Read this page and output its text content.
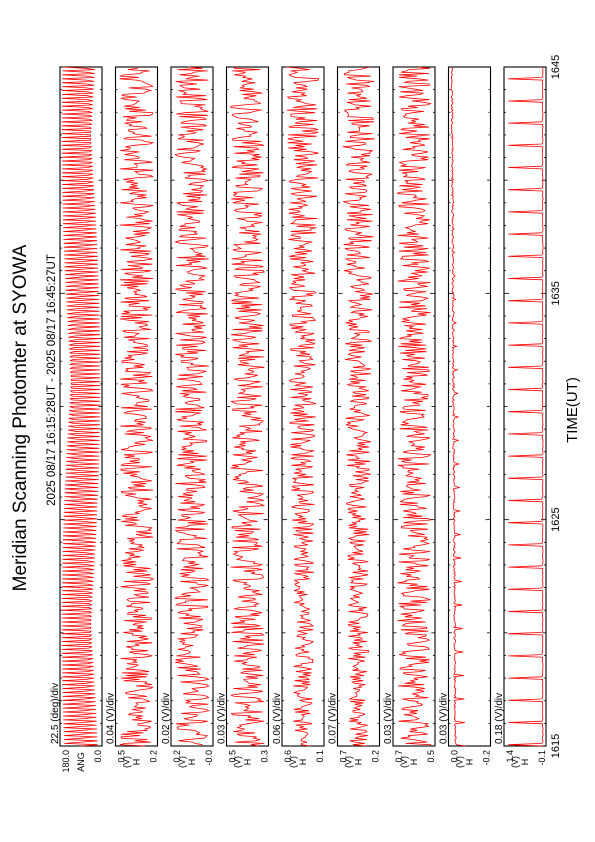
22.5 (deg)/div
0.0
180.0 ANG
0.04 (V)/div
0.2
0.5 H
(V)
0.02 (V)/div
-0.0
0.2 H
(V)
0.03 (V)/div
0.3
0.5 H
(V)
0.06 (V)/div
0.1
0.6 H
(V)
0.07 (V)/div
0.2
0.7 H
(V)
0.03 (V)/div
0.5
0.7 H
(V)
0.03 (V)/div
-0.2
0.0 H
(V)
0.18 (V)/div
-0.1
1.4 H
(V)
Meridian Scanning Photomter at SYOWA 2025 08/17 16:15:28UT - 2025 08/17 16:45:27UT	TIME(UT)
1615
1625
1635
1645
